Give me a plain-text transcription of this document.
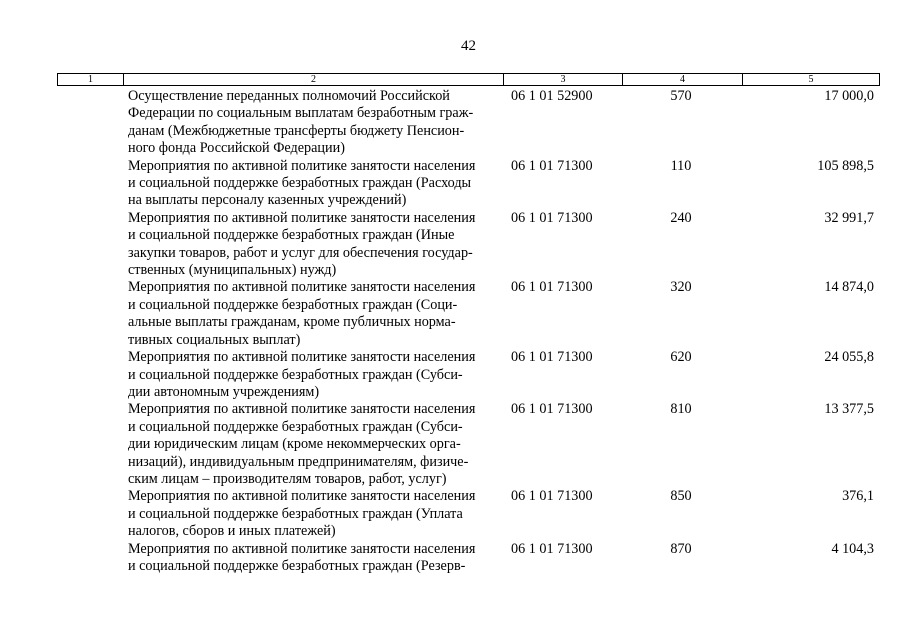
42
1	2	3	4	5
Осуществление переданных полномочий Российской
Федерации по социальным выплатам безработным граж-
данам (Межбюджетные трансферты бюджету Пенсион-
ного фонда Российской Федерации)
06 1 01 52900	570	17 000,0
Мероприятия по активной политике занятости населения
и социальной поддержке безработных граждан (Расходы
на выплаты персоналу казенных учреждений)
06 1 01 71300	110	105 898,5
Мероприятия по активной политике занятости населения
и социальной поддержке безработных граждан (Иные
закупки товаров, работ и услуг для обеспечения государ-
ственных (муниципальных) нужд)
06 1 01 71300	240	32 991,7
Мероприятия по активной политике занятости населения
и социальной поддержке безработных граждан (Соци-
альные выплаты гражданам, кроме публичных норма-
тивных социальных выплат)
06 1 01 71300	320	14 874,0
Мероприятия по активной политике занятости населения
и социальной поддержке безработных граждан (Субси-
дии автономным учреждениям)
06 1 01 71300	620	24 055,8
Мероприятия по активной политике занятости населения
и социальной поддержке безработных граждан (Субси-
дии юридическим лицам (кроме некоммерческих орга-
низаций), индивидуальным предпринимателям, физиче-
ским лицам – производителям товаров, работ, услуг)
06 1 01 71300	810	13 377,5
Мероприятия по активной политике занятости населения
и социальной поддержке безработных граждан (Уплата
налогов, сборов и иных платежей)
06 1 01 71300	850	376,1
Мероприятия по активной политике занятости населения
и социальной поддержке безработных граждан (Резерв-
06 1 01 71300	870	4 104,3
